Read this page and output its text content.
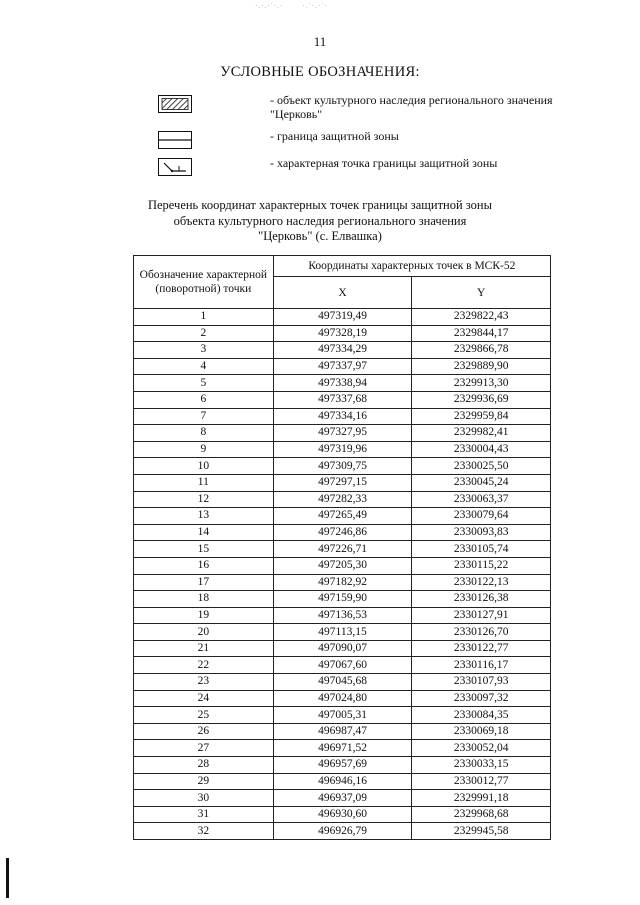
·.·.·˙·.·       ·.˙·.·˙·
11
УСЛОВНЫЕ ОБОЗНАЧЕНИЯ:
- объект культурного наследия регионального значения "Церковь"
- граница защитной зоны
- характерная точка границы защитной зоны
Перечень координат характерных точек границы защитной зоны
объекта культурного наследия регионального значения
"Церковь" (с. Елвашка)
Обозначение характерной (поворотной) точки	Координаты характерных точек в МСК-52	
	X	Y
1	497319,49	2329822,43
2	497328,19	2329844,17
3	497334,29	2329866,78
4	497337,97	2329889,90
5	497338,94	2329913,30
6	497337,68	2329936,69
7	497334,16	2329959,84
8	497327,95	2329982,41
9	497319,96	2330004,43
10	497309,75	2330025,50
11	497297,15	2330045,24
12	497282,33	2330063,37
13	497265,49	2330079,64
14	497246,86	2330093,83
15	497226,71	2330105,74
16	497205,30	2330115,22
17	497182,92	2330122,13
18	497159,90	2330126,38
19	497136,53	2330127,91
20	497113,15	2330126,70
21	497090,07	2330122,77
22	497067,60	2330116,17
23	497045,68	2330107,93
24	497024,80	2330097,32
25	497005,31	2330084,35
26	496987,47	2330069,18
27	496971,52	2330052,04
28	496957,69	2330033,15
29	496946,16	2330012,77
30	496937,09	2329991,18
31	496930,60	2329968,68
32	496926,79	2329945,58
